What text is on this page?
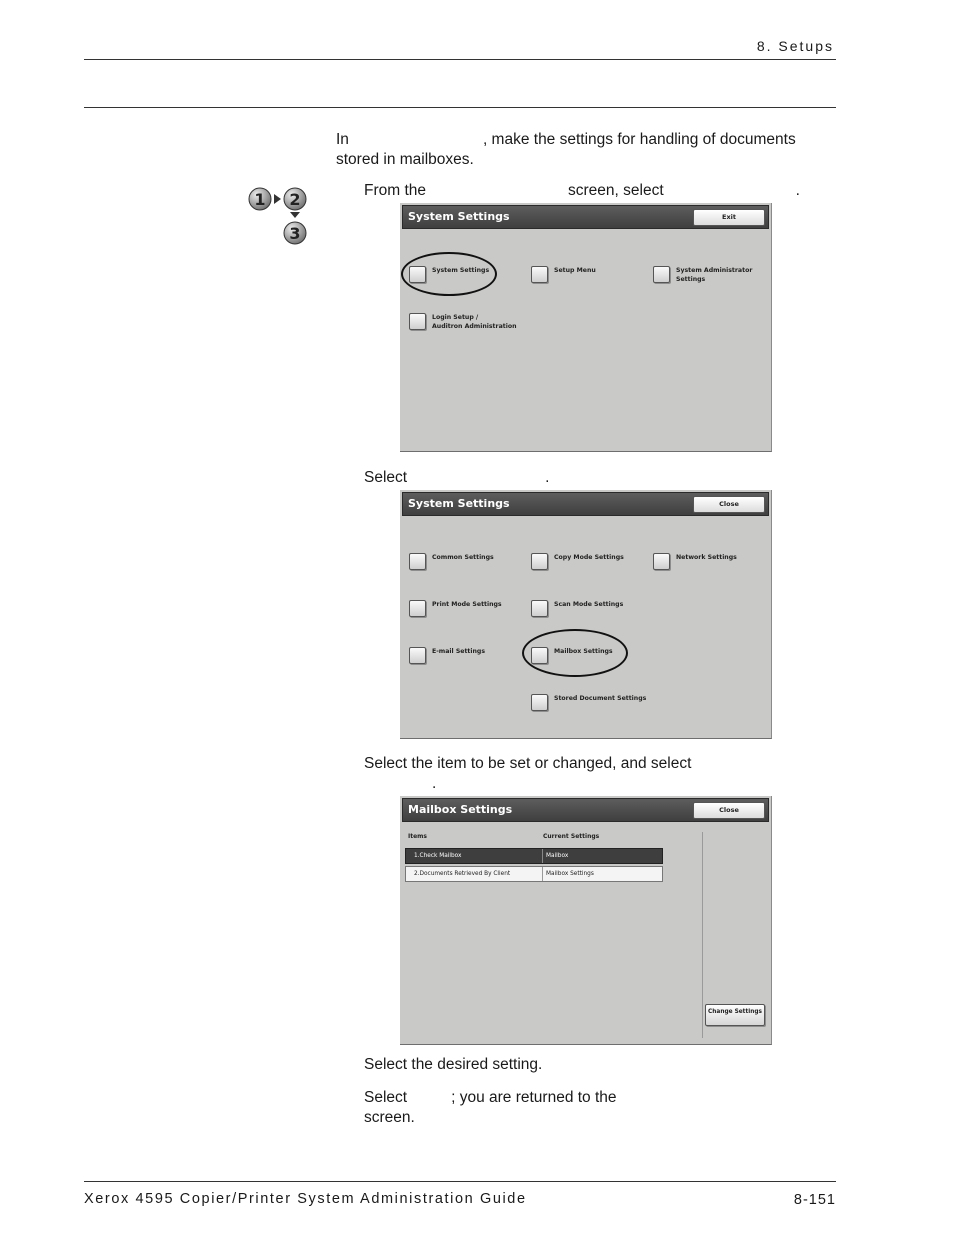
8. Setups
In	, make the settings for handling of documents
stored in mailboxes.
1 2
3
From the	screen, select	.
System Settings	Exit
System Settings	Setup Menu	System Administrator
Settings
Login Setup /
Auditron Administration
Select	.
System Settings	Close
Common Settings	Copy Mode Settings	Network Settings
Print Mode Settings	Scan Mode Settings
E-mail Settings	Mailbox Settings
Stored Document Settings
Select the item to be set or changed, and select
.
Mailbox Settings	Close
Items	Current Settings
1.Check Mailbox	Mailbox
2.Documents Retrieved By Client	Mailbox Settings
Change Settings
Select the desired setting.
Select	; you are returned to the
screen.
Xerox 4595 Copier/Printer System Administration Guide	8-151
